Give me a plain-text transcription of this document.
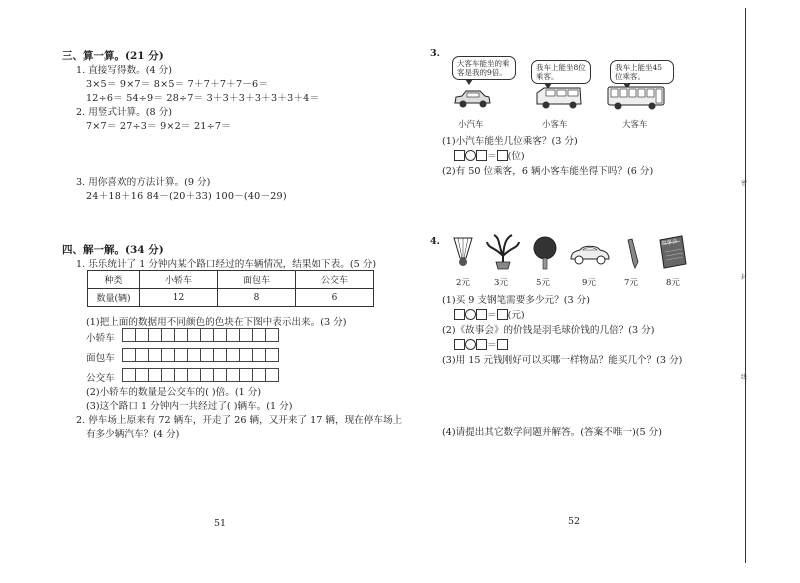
三、算一算。(21 分)
1. 直接写得数。(4 分)
3×5＝ 9×7＝ 8×5＝ 7＋7＋7＋7－6＝
12÷6＝ 54÷9＝ 28÷7＝ 3＋3＋3＋3＋3＋3＋4＝
2. 用竖式计算。(8 分)
7×7＝ 27÷3＝ 9×2＝ 21÷7＝
3. 用你喜欢的方法计算。(9 分)
24＋18＋16 84－(20＋33) 100－(40－29)
四、解一解。(34 分)
1. 乐乐统计了 1 分钟内某个路口经过的车辆情况，结果如下表。(5 分)
种类	小轿车	面包车	公交车
数量(辆)	12	8	6
(1)把上面的数据用不同颜色的色块在下图中表示出来。(3 分)
小轿车
面包车
公交车
(2)小轿车的数量是公交车的( )倍。(1 分)
(3)这个路口 1 分钟内一共经过了( )辆车。(1 分)
2. 停车场上原来有 72 辆车，开走了 26 辆，又开来了 17 辆，现在停车场上
有多少辆汽车？(4 分)
51
3.
大客车能坐的乘客是我的9倍。
我车上能坐8位乘客。
我车上能坐45位乘客。
小汽车	小客车	大客车
(1)小汽车能坐几位乘客？(3 分)
＝ (位)
(2)有 50 位乘客，6 辆小客车能坐得下吗？(6 分)
4.	故事会
2元	3元	5元	9元	7元	8元
(1)买 9 支钢笔需要多少元？(3 分)
＝ (元)
(2)《故事会》的价钱是羽毛球价钱的几倍？(3 分)
＝
(3)用 15 元钱刚好可以买哪一样物品？能买几个？(3 分)
(4)请提出其它数学问题并解答。(答案不唯一)(5 分)
52
密
封
线
